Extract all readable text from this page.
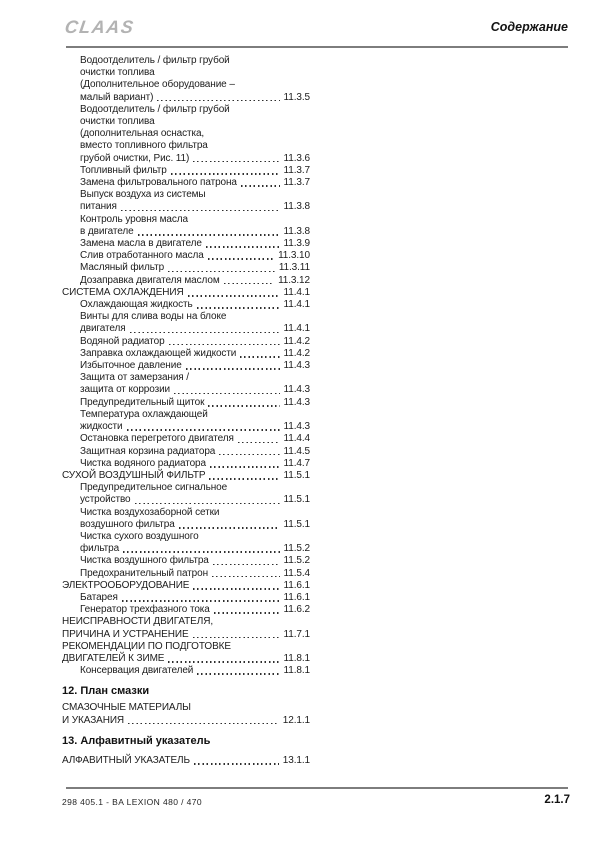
CLAAS	Содержание
Водоотделитель / фильтр грубой
очистки топлива
(Дополнительное оборудование –
малый вариант)	11.3.5
Водоотделитель / фильтр грубой
очистки топлива
(дополнительная оснастка,
вместо топливного фильтра
грубой очистки, Рис. 11)	11.3.6
Топливный фильтр	11.3.7
Замена фильтровального патрона	11.3.7
Выпуск воздуха из системы
питания	11.3.8
Контроль уровня масла
в двигателе	11.3.8
Замена масла в двигателе	11.3.9
Слив отработанного масла	11.3.10
Масляный фильтр	11.3.11
Дозаправка двигателя маслом	11.3.12
СИСТЕМА ОХЛАЖДЕНИЯ	11.4.1
Охлаждающая жидкость	11.4.1
Винты для слива воды на блоке
двигателя	11.4.1
Водяной радиатор	11.4.2
Заправка охлаждающей жидкости	11.4.2
Избыточное давление	11.4.3
Защита от замерзания /
защита от коррозии	11.4.3
Предупредительный щиток	11.4.3
Температура охлаждающей
жидкости	11.4.3
Остановка перегретого двигателя	11.4.4
Защитная корзина радиатора	11.4.5
Чистка водяного радиатора	11.4.7
СУХОЙ ВОЗДУШНЫЙ ФИЛЬТР	11.5.1
Предупредительное сигнальное
устройство	11.5.1
Чистка воздухозаборной сетки
воздушного фильтра	11.5.1
Чистка сухого воздушного
фильтра	11.5.2
Чистка воздушного фильтра	11.5.2
Предохранительный патрон	11.5.4
ЭЛЕКТРООБОРУДОВАНИЕ	11.6.1
Батарея	11.6.1
Генератор трехфазного тока	11.6.2
НЕИСПРАВНОСТИ ДВИГАТЕЛЯ,
ПРИЧИНА И УСТРАНЕНИЕ	11.7.1
РЕКОМЕНДАЦИИ ПО ПОДГОТОВКЕ
ДВИГАТЕЛЕЙ К ЗИМЕ	11.8.1
Консервация двигателей	11.8.1
12. План смазки
СМАЗОЧНЫЕ МАТЕРИАЛЫ
И УКАЗАНИЯ	12.1.1
13. Алфавитный указатель
АЛФАВИТНЫЙ УКАЗАТЕЛЬ	13.1.1
298 405.1 - BA LEXION 480 / 470	2.1.7
